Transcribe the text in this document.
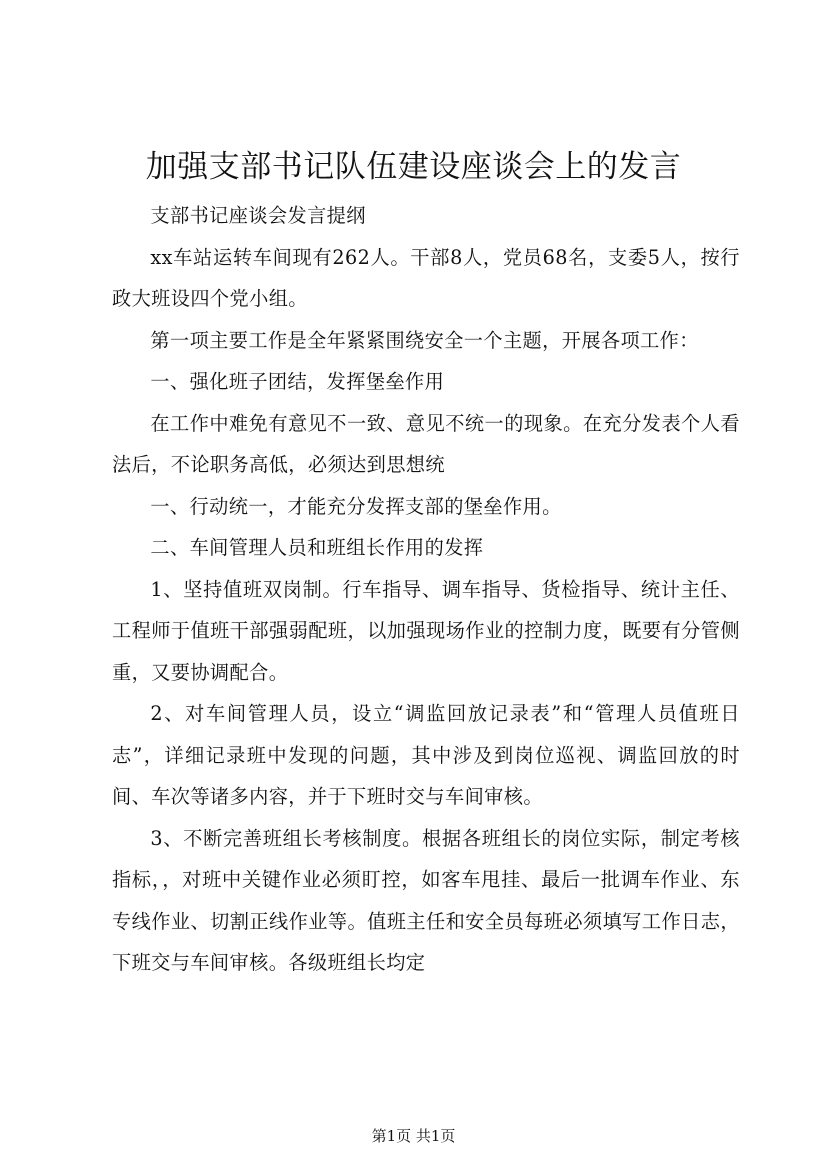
加强支部书记队伍建设座谈会上的发言

支部书记座谈会发言提纲

xx车站运转车间现有262人。干部8人，党员68名，支委5人，按行政大班设四个党小组。

第一项主要工作是全年紧紧围绕安全一个主题，开展各项工作：

一、强化班子团结，发挥堡垒作用

在工作中难免有意见不一致、意见不统一的现象。在充分发表个人看法后，不论职务高低，必须达到思想统

一、行动统一，才能充分发挥支部的堡垒作用。

二、车间管理人员和班组长作用的发挥

1、坚持值班双岗制。行车指导、调车指导、货检指导、统计主任、工程师于值班干部强弱配班，以加强现场作业的控制力度，既要有分管侧重，又要协调配合。

2、对车间管理人员，设立“调监回放记录表”和“管理人员值班日志”，详细记录班中发现的问题，其中涉及到岗位巡视、调监回放的时间、车次等诸多内容，并于下班时交与车间审核。

3、不断完善班组长考核制度。根据各班组长的岗位实际，制定考核指标，，对班中关键作业必须盯控，如客车甩挂、最后一批调车作业、东专线作业、切割正线作业等。值班主任和安全员每班必须填写工作日志，下班交与车间审核。各级班组长均定

第1页 共1页
